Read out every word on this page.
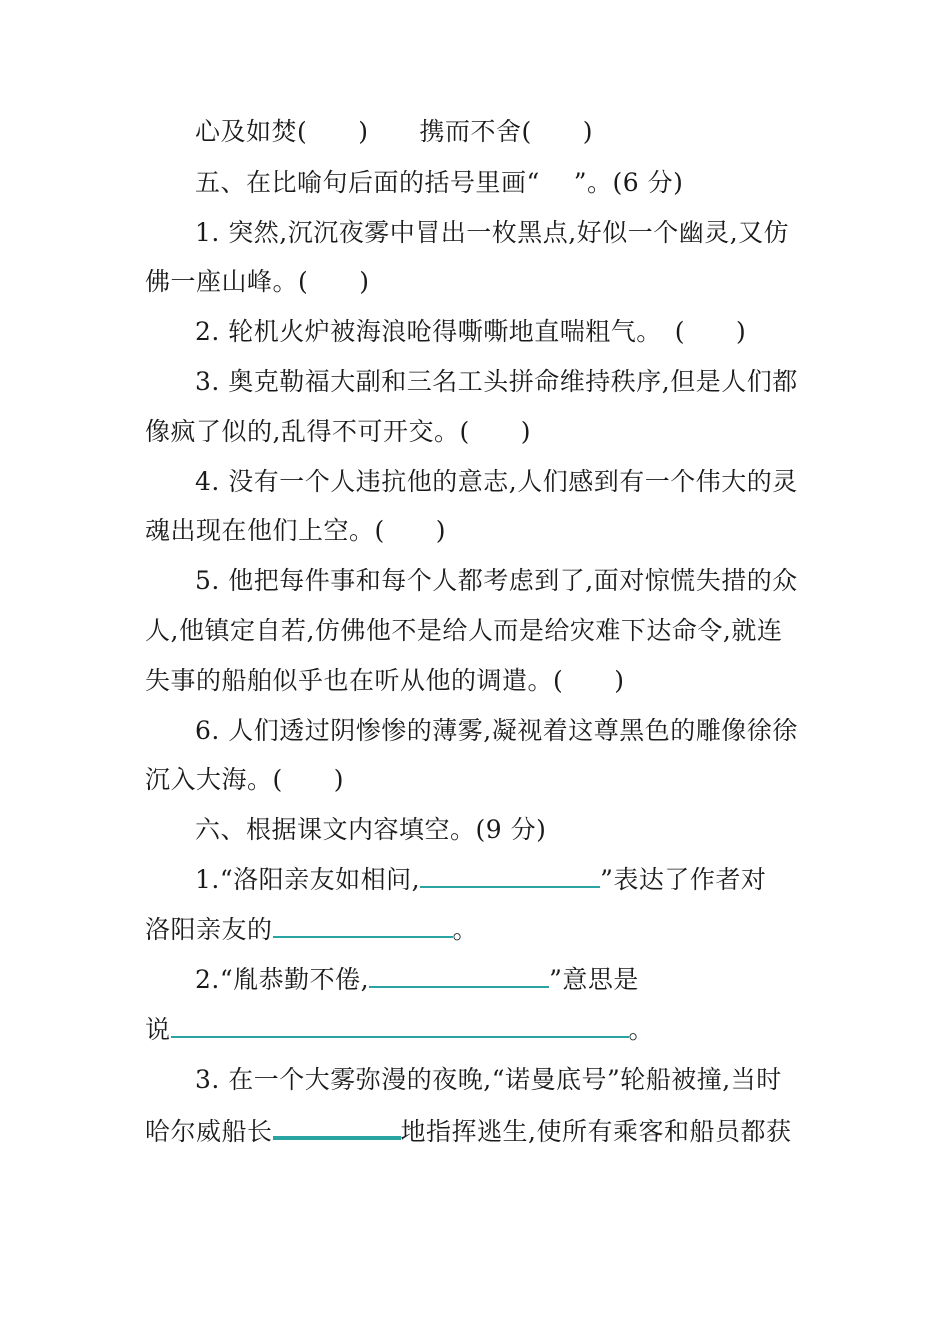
心及如焚(　　)　　携而不舍(　　)
五、在比喻句后面的括号里画“　 ”。(6 分)
1. 突然,沉沉夜雾中冒出一枚黑点,好似一个幽灵,又仿
佛一座山峰。(　　)
2. 轮机火炉被海浪呛得嘶嘶地直喘粗气。　(　　)
3. 奥克勒福大副和三名工头拼命维持秩序,但是人们都
像疯了似的,乱得不可开交。(　　)
4. 没有一个人违抗他的意志,人们感到有一个伟大的灵
魂出现在他们上空。(　　)
5. 他把每件事和每个人都考虑到了,面对惊慌失措的众
人,他镇定自若,仿佛他不是给人而是给灾难下达命令,就连
失事的船舶似乎也在听从他的调遣。(　　)
6. 人们透过阴惨惨的薄雾,凝视着这尊黑色的雕像徐徐
沉入大海。(　　)
六、根据课文内容填空。(9 分)
1.“洛阳亲友如相问,	”表达了作者对
洛阳亲友的	。
2.“胤恭勤不倦,	”意思是
说	。
3. 在一个大雾弥漫的夜晚,“诺曼底号”轮船被撞,当时
哈尔威船长	地指挥逃生,使所有乘客和船员都获
